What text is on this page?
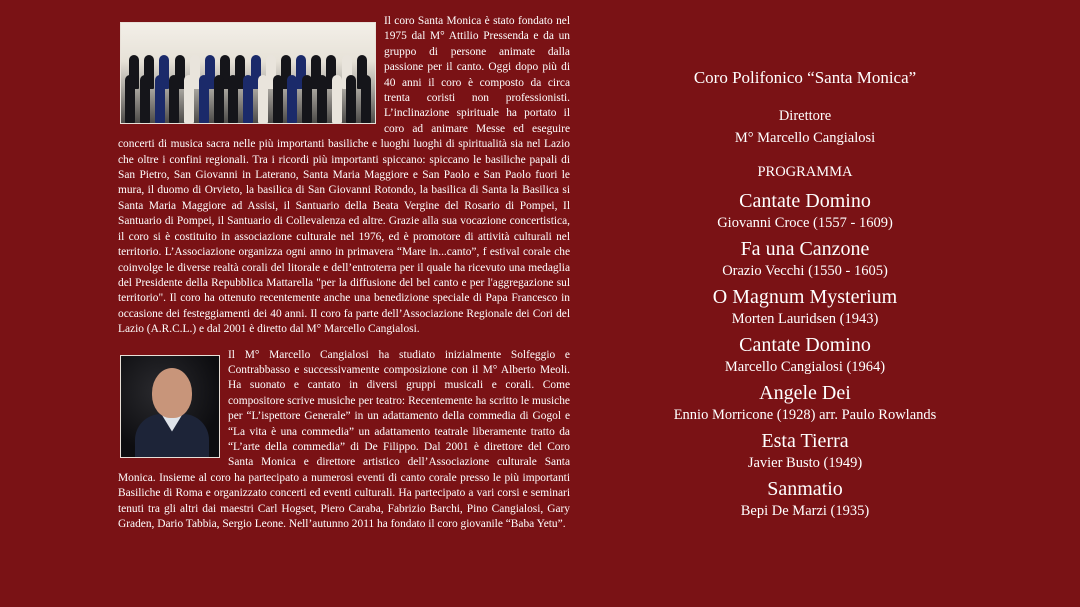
Il coro Santa Monica è stato fondato nel 1975 dal M° Attilio Pressenda e da un gruppo di persone animate dalla passione per il canto. Oggi dopo più di 40 anni il coro è composto da circa trenta coristi non professionisti. L’inclinazione spirituale ha portato il coro ad animare Messe ed eseguire concerti di musica sacra nelle più importanti basiliche e luoghi luoghi di spiritualità sia nel Lazio che oltre i confini regionali. Tra i ricordi più importanti spiccano: spiccano le basiliche papali di San Pietro, San Giovanni in Laterano, Santa Maria Maggiore e San Paolo e San Paolo fuori le mura, il duomo di Orvieto, la basilica di San Giovanni Rotondo, la basilica di Santa la Basilica si Santa Maria Maggiore ad Assisi, il Santuario della Beata Vergine del Rosario di Pompei, Il Santuario di Pompei, il Santuario di Collevalenza ed altre. Grazie alla sua vocazione concertistica, il coro si è costituito in associazione culturale nel 1976, ed è promotore di attività culturali nel territorio. L’Associazione organizza ogni anno in primavera “Mare in...canto”, f estival corale che coinvolge le diverse realtà corali del litorale e dell’entroterra per il quale ha ricevuto una medaglia del Presidente della Repubblica Mattarella "per la diffusione del bel canto e per l'aggregazione sul territorio". Il coro ha ottenuto recentemente anche una benedizione speciale di Papa Francesco in occasione dei festeggiamenti dei 40 anni. Il coro fa parte dell’Associazione Regionale dei Cori del Lazio (A.R.C.L.) e dal 2001 è diretto dal M° Marcello Cangialosi.

Il M° Marcello Cangialosi ha studiato inizialmente Solfeggio e Contrabbasso e successivamente composizione con il M° Alberto Meoli. Ha suonato e cantato in diversi gruppi musicali e corali. Come compositore scrive musiche per teatro: Recentemente ha scritto le musiche per “L’ispettore Generale” in un adattamento della commedia di Gogol e “La vita è una commedia” un adattamento teatrale liberamente tratto da “L’arte della commedia” di De Filippo. Dal 2001 è direttore del Coro Santa Monica e direttore artistico dell’Associazione culturale Santa Monica. Insieme al coro ha partecipato a numerosi eventi di canto corale presso le più importanti Basiliche di Roma e organizzato concerti ed eventi culturali. Ha partecipato a vari corsi e seminari tenuti tra gli altri dai maestri Carl Hogset, Piero Caraba, Fabrizio Barchi, Pino Cangialosi, Gary Graden, Dario Tabbia, Sergio Leone. Nell’autunno 2011 ha fondato il coro giovanile “Baba Yetu”.

Coro Polifonico “Santa Monica”
Direttore
M° Marcello Cangialosi
PROGRAMMA
Cantate Domino
Giovanni Croce (1557 - 1609)
Fa una Canzone
Orazio Vecchi (1550 - 1605)
O Magnum Mysterium
Morten Lauridsen (1943)
Cantate Domino
Marcello Cangialosi (1964)
Angele Dei
Ennio Morricone (1928) arr. Paulo Rowlands
Esta Tierra
Javier Busto (1949)
Sanmatio
Bepi De Marzi (1935)
